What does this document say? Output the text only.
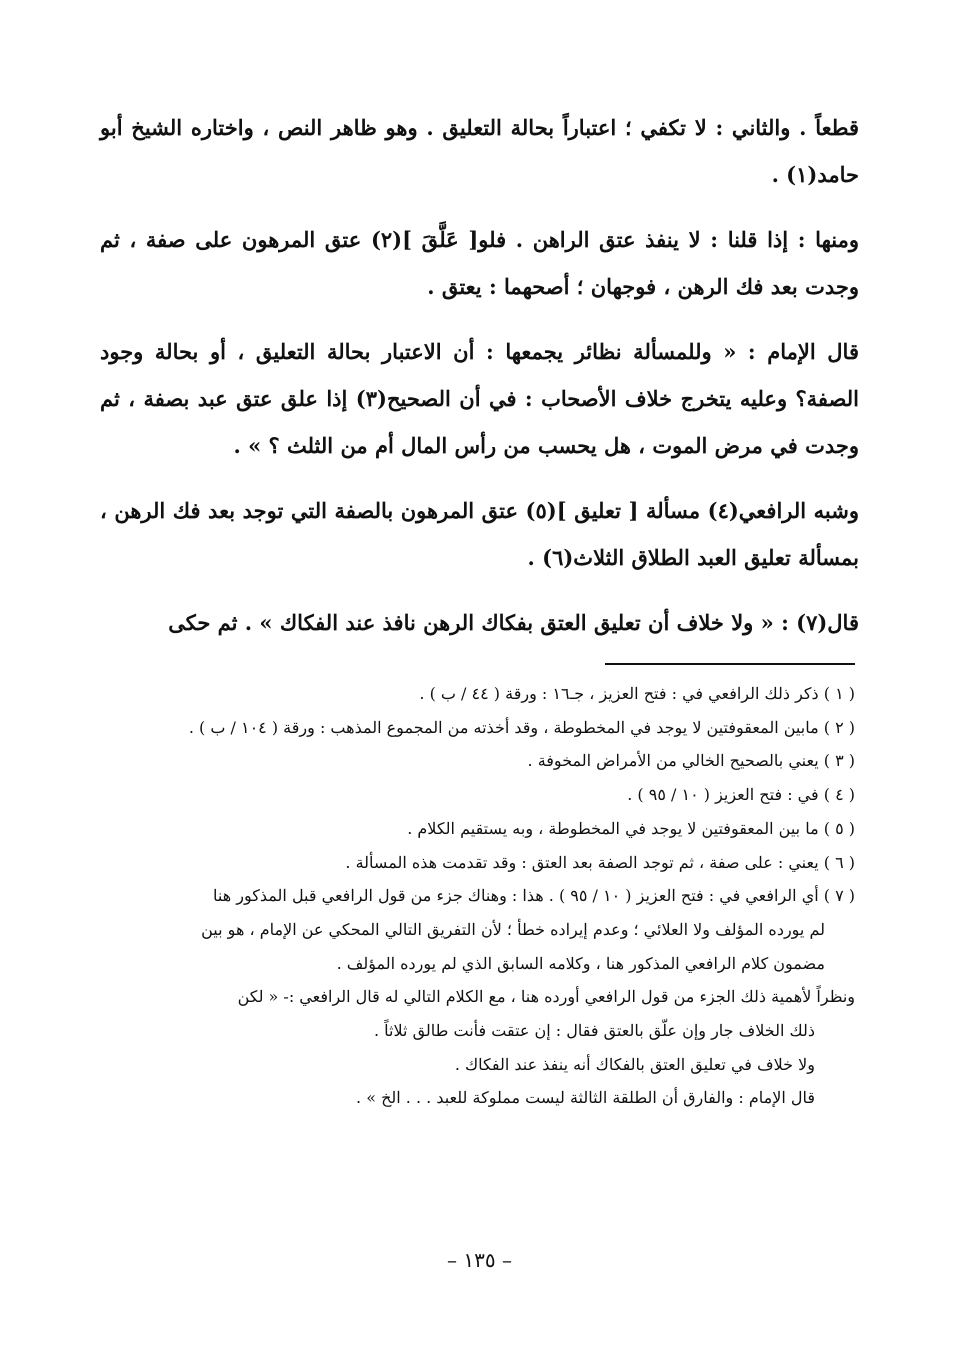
قطعاً . والثاني : لا تكفي ؛ اعتباراً بحالة التعليق . وهو ظاهر النص ، واختاره الشيخ أبو حامد(١) .

ومنها : إذا قلنا : لا ينفذ عتق الراهن . فلو[ عَلَّقَ ](٢) عتق المرهون على صفة ، ثم وجدت بعد فك الرهن ، فوجهان ؛ أصحهما : يعتق .

قال الإمام : « وللمسألة نظائر يجمعها : أن الاعتبار بحالة التعليق ، أو بحالة وجود الصفة؟ وعليه يتخرج خلاف الأصحاب : في أن الصحيح(٣) إذا علق عتق عبد بصفة ، ثم وجدت في مرض الموت ، هل يحسب من رأس المال أم من الثلث ؟ » .

وشبه الرافعي(٤) مسألة [ تعليق ](٥) عتق المرهون بالصفة التي توجد بعد فك الرهن ، بمسألة تعليق العبد الطلاق الثلاث(٦) .

قال(٧) : « ولا خلاف أن تعليق العتق بفكاك الرهن نافذ عند الفكاك » . ثم حكى

( ١ ) ذكر ذلك الرافعي في : فتح العزيز ، جـ١٦ : ورقة ( ٤٤ / ب ) .

( ٢ ) مابين المعقوفتين لا يوجد في المخطوطة ، وقد أخذته من المجموع المذهب : ورقة ( ١٠٤ / ب ) .

( ٣ ) يعني بالصحيح الخالي من الأمراض المخوفة .

( ٤ ) في : فتح العزيز ( ١٠ / ٩٥ ) .

( ٥ ) ما بين المعقوفتين لا يوجد في المخطوطة ، وبه يستقيم الكلام .

( ٦ ) يعني : على صفة ، ثم توجد الصفة بعد العتق : وقد تقدمت هذه المسألة .

( ٧ ) أي الرافعي في : فتح العزيز ( ١٠ / ٩٥ ) . هذا : وهناك جزء من قول الرافعي قبل المذكور هنا

لم يورده المؤلف ولا العلائي ؛ وعدم إيراده خطأ ؛ لأن التفريق التالي المحكي عن الإمام ، هو بين

مضمون كلام الرافعي المذكور هنا ، وكلامه السابق الذي لم يورده المؤلف .

ونظراً لأهمية ذلك الجزء من قول الرافعي أورده هنا ، مع الكلام التالي له قال الرافعي :- « لكن

ذلك الخلاف جار وإن علّق بالعتق فقال : إن عتقت فأنت طالق ثلاثاً .

ولا خلاف في تعليق العتق بالفكاك أنه ينفذ عند الفكاك .

قال الإمام : والفارق أن الطلقة الثالثة ليست مملوكة للعبد . . . الخ » .

– ١٣٥ –
